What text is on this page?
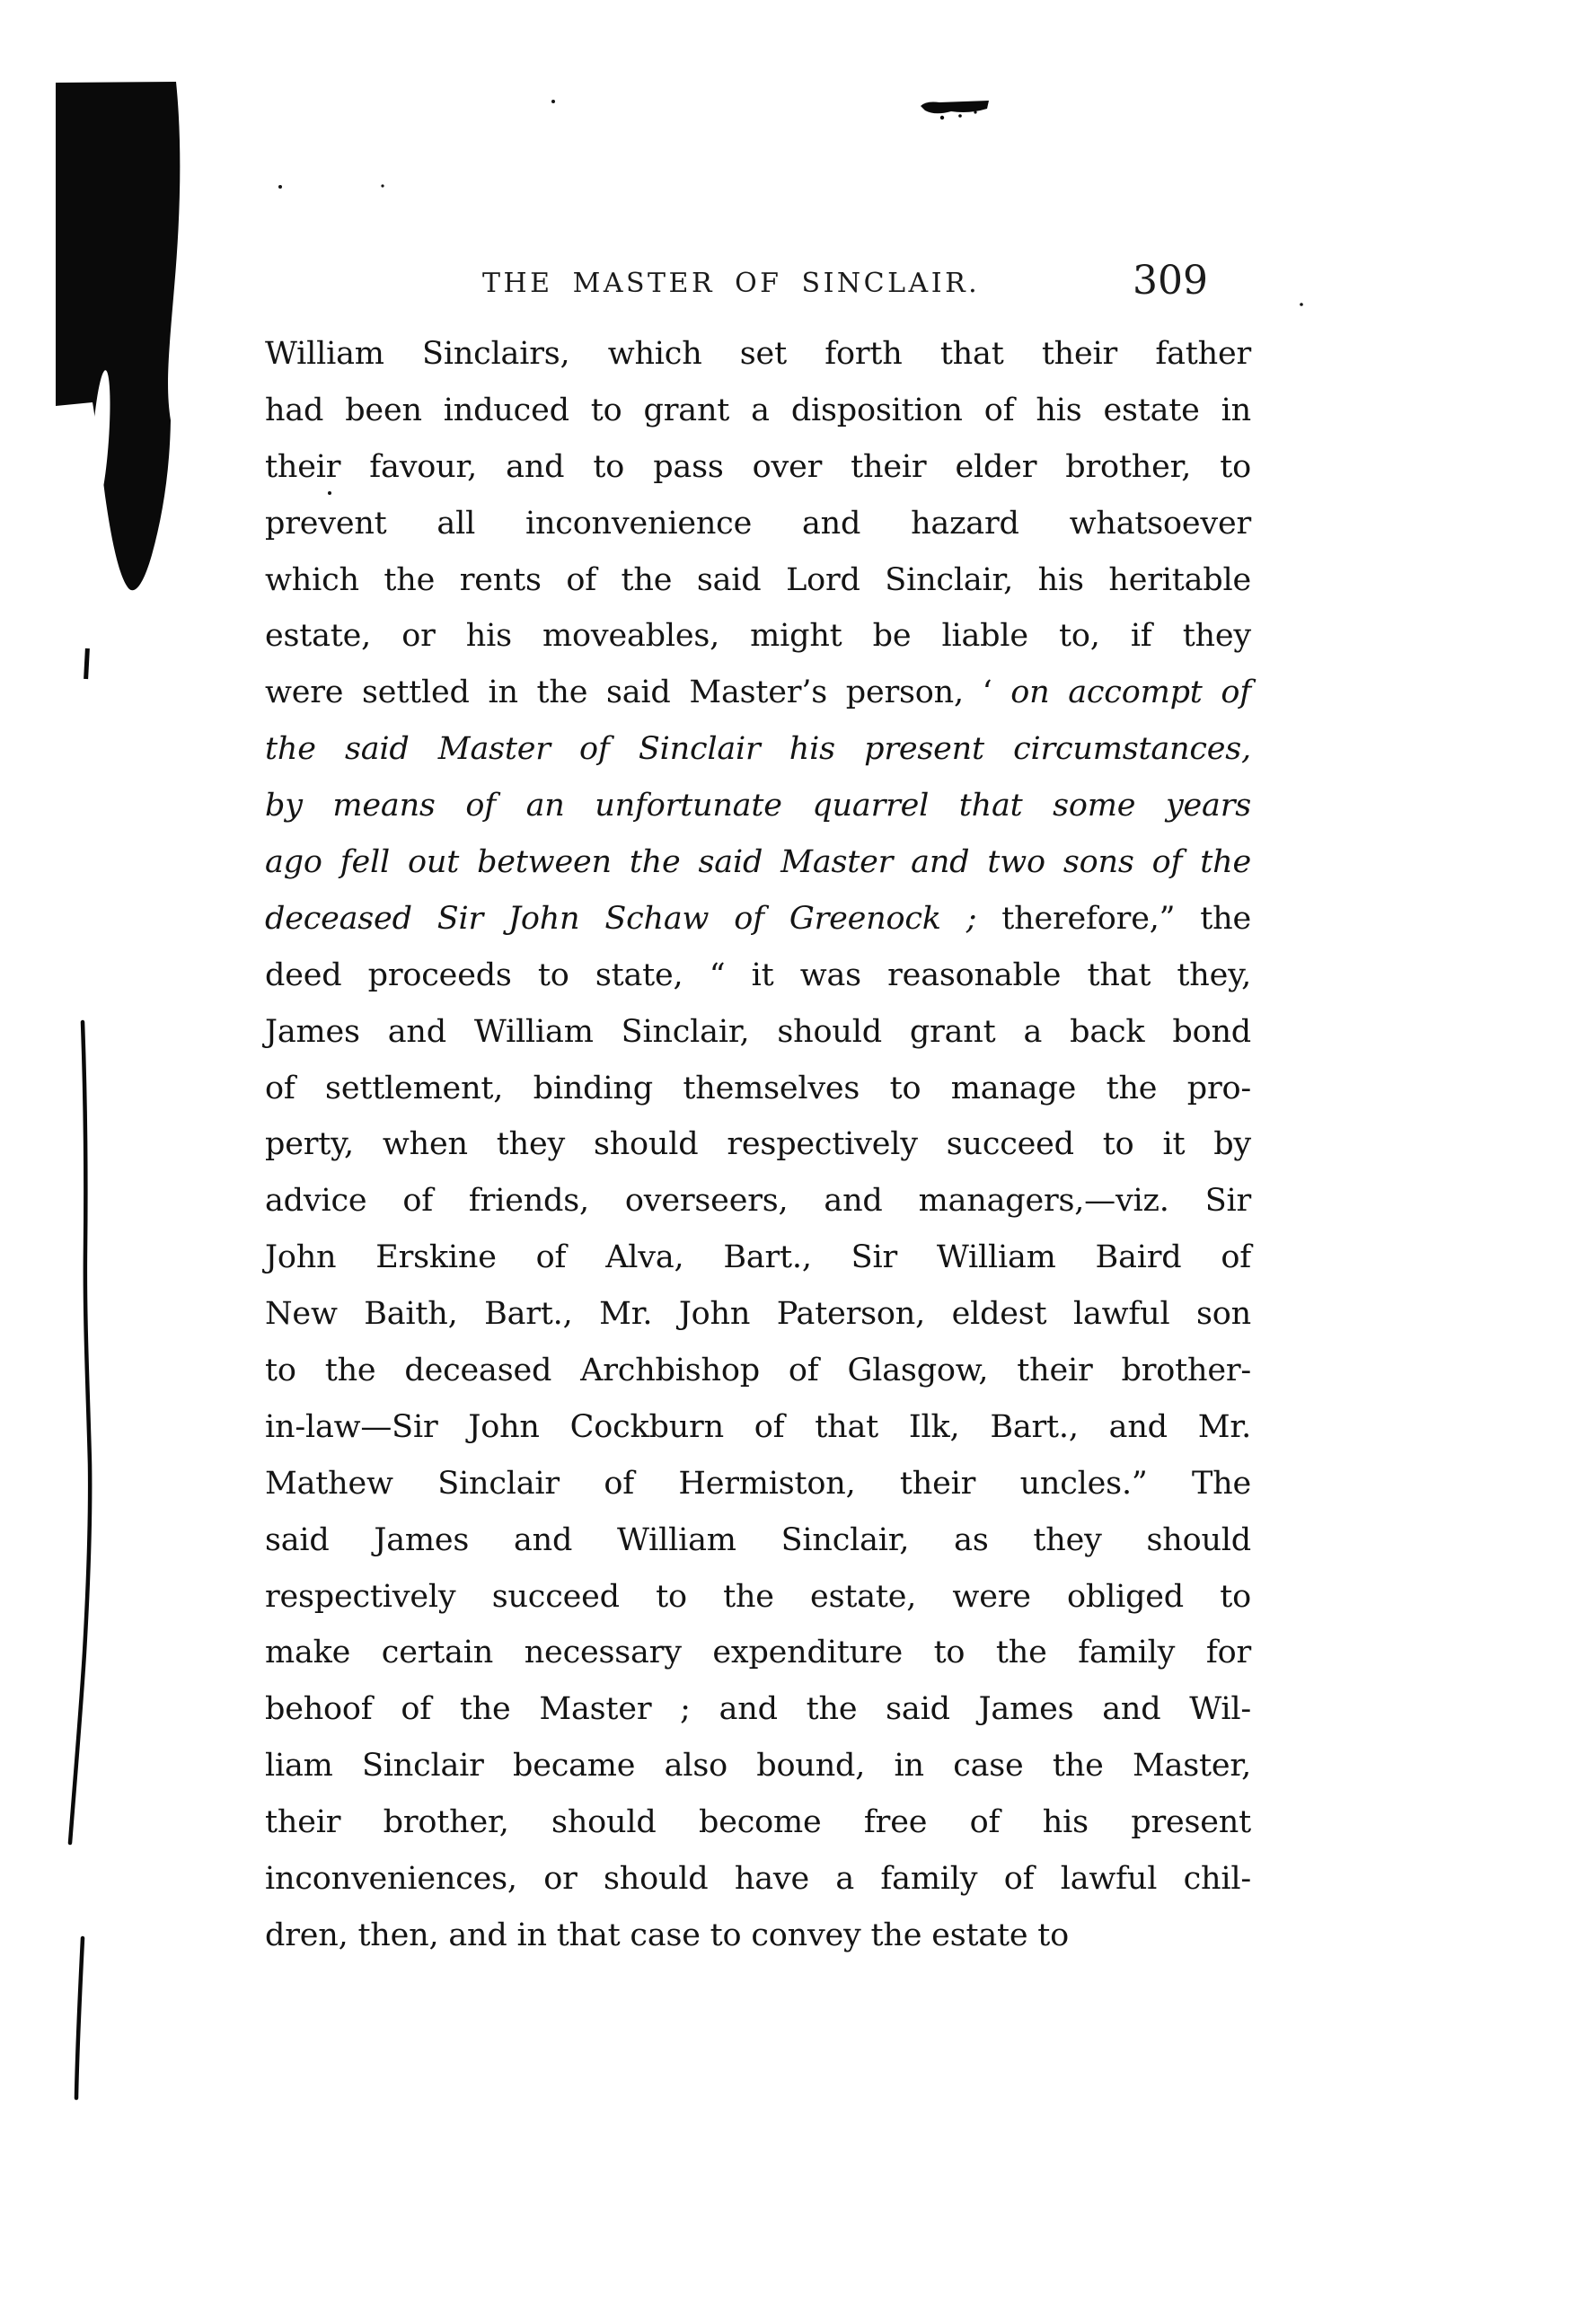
THE MASTER OF SINCLAIR.	309
William Sinclairs, which set forth that their father
had been induced to grant a disposition of his estate in
their favour, and to pass over their elder brother, to
prevent all inconvenience and hazard whatsoever
which the rents of the said Lord Sinclair, his heritable
estate, or his moveables, might be liable to, if they
were settled in the said Master’s person, ‘ on accompt of
the said Master of Sinclair his present circumstances,
by means of an unfortunate quarrel that some years
ago fell out between the said Master and two sons of the
deceased Sir John Schaw of Greenock ; therefore,” the
deed proceeds to state, “ it was reasonable that they,
James and William Sinclair, should grant a back bond
of settlement, binding themselves to manage the pro-
perty, when they should respectively succeed to it by
advice of friends, overseers, and managers,—viz. Sir
John Erskine of Alva, Bart., Sir William Baird of
New Baith, Bart., Mr. John Paterson, eldest lawful son
to the deceased Archbishop of Glasgow, their brother-
in-law—Sir John Cockburn of that Ilk, Bart., and Mr.
Mathew Sinclair of Hermiston, their uncles.” The
said James and William Sinclair, as they should
respectively succeed to the estate, were obliged to
make certain necessary expenditure to the family for
behoof of the Master ; and the said James and Wil-
liam Sinclair became also bound, in case the Master,
their brother, should become free of his present
inconveniences, or should have a family of lawful chil-
dren, then, and in that case to convey the estate to
